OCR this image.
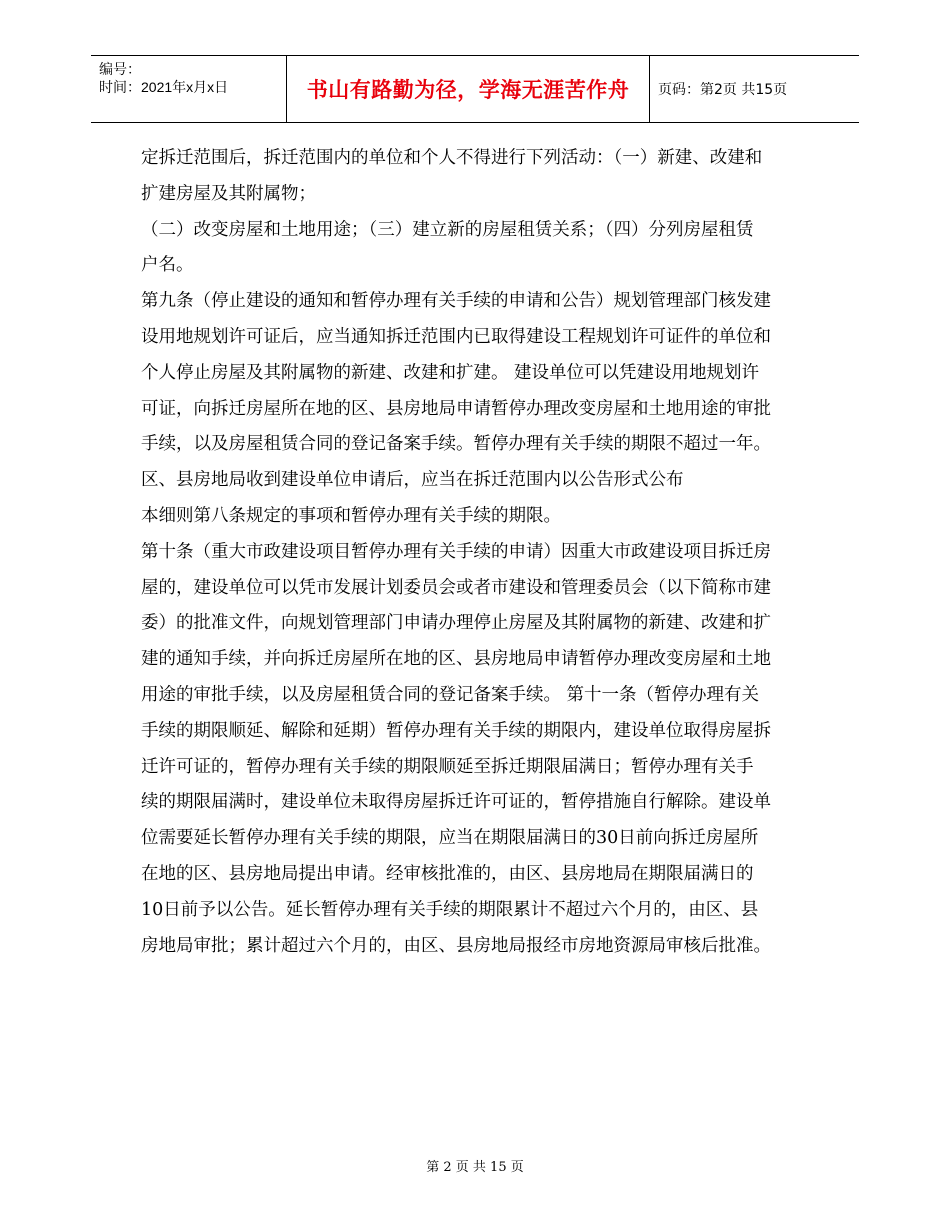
编号：
时间：2021年x月x日	书山有路勤为径，学海无涯苦作舟	页码：第2页 共15页
定拆迁范围后，拆迁范围内的单位和个人不得进行下列活动：（一）新建、改建和
扩建房屋及其附属物；
（二）改变房屋和土地用途；（三）建立新的房屋租赁关系；（四）分列房屋租赁
户名。
第九条（停止建设的通知和暂停办理有关手续的申请和公告）规划管理部门核发建
设用地规划许可证后，应当通知拆迁范围内已取得建设工程规划许可证件的单位和
个人停止房屋及其附属物的新建、改建和扩建。 建设单位可以凭建设用地规划许
可证，向拆迁房屋所在地的区、县房地局申请暂停办理改变房屋和土地用途的审批
手续，以及房屋租赁合同的登记备案手续。暂停办理有关手续的期限不超过一年。
区、县房地局收到建设单位申请后，应当在拆迁范围内以公告形式公布
本细则第八条规定的事项和暂停办理有关手续的期限。
第十条（重大市政建设项目暂停办理有关手续的申请）因重大市政建设项目拆迁房
屋的，建设单位可以凭市发展计划委员会或者市建设和管理委员会（以下简称市建
委）的批准文件，向规划管理部门申请办理停止房屋及其附属物的新建、改建和扩
建的通知手续，并向拆迁房屋所在地的区、县房地局申请暂停办理改变房屋和土地
用途的审批手续，以及房屋租赁合同的登记备案手续。 第十一条（暂停办理有关
手续的期限顺延、解除和延期）暂停办理有关手续的期限内，建设单位取得房屋拆
迁许可证的，暂停办理有关手续的期限顺延至拆迁期限届满日；暂停办理有关手
续的期限届满时，建设单位未取得房屋拆迁许可证的，暂停措施自行解除。建设单
位需要延长暂停办理有关手续的期限，应当在期限届满日的30日前向拆迁房屋所
在地的区、县房地局提出申请。经审核批准的，由区、县房地局在期限届满日的
10日前予以公告。延长暂停办理有关手续的期限累计不超过六个月的，由区、县
房地局审批；累计超过六个月的，由区、县房地局报经市房地资源局审核后批准。
第 2 页 共 15 页
